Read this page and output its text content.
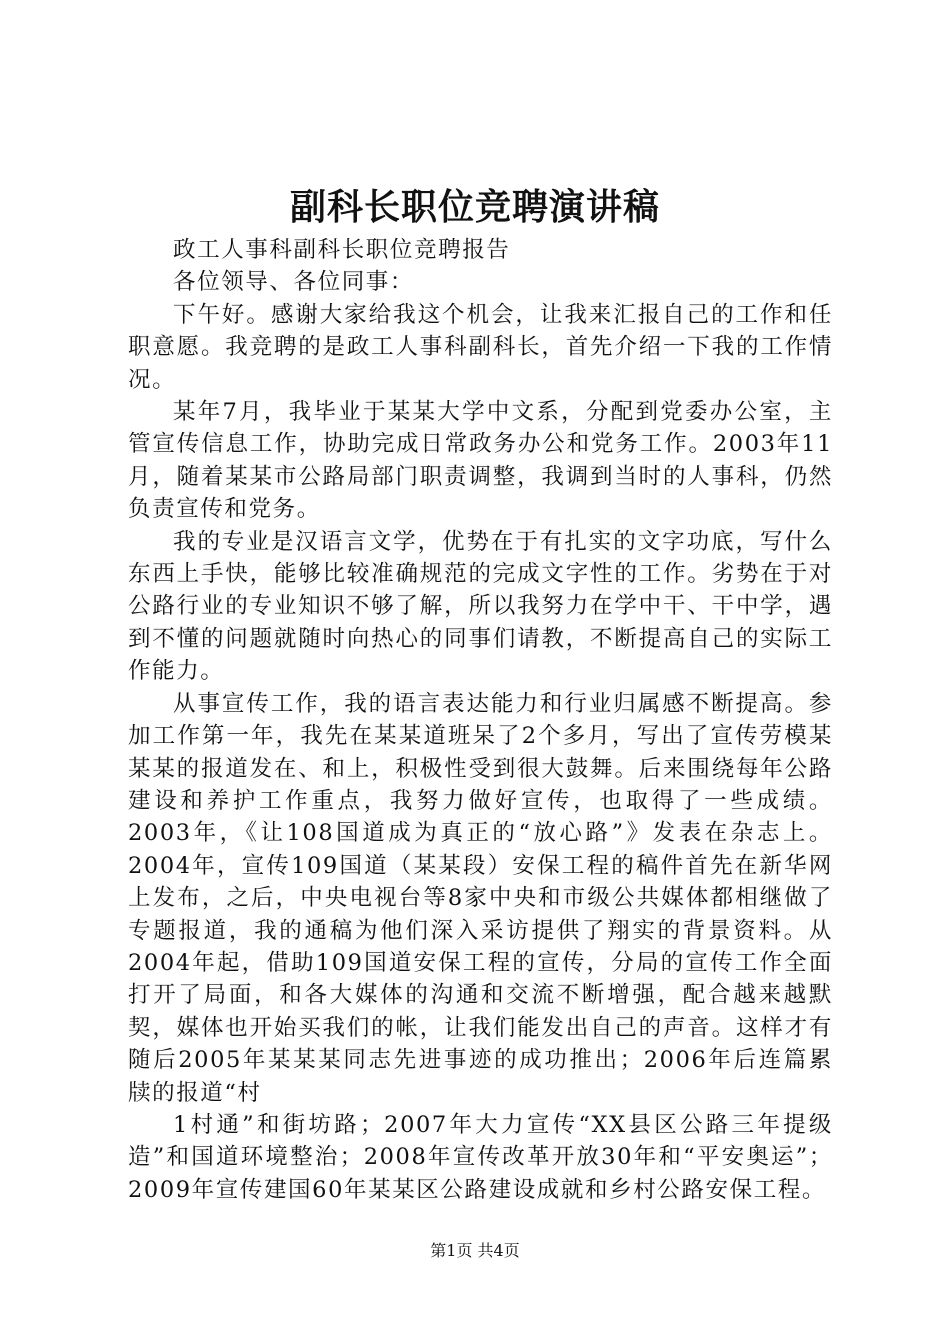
副科长职位竞聘演讲稿

政工人事科副科长职位竞聘报告

各位领导、各位同事：

下午好。感谢大家给我这个机会，让我来汇报自己的工作和任职意愿。我竞聘的是政工人事科副科长，首先介绍一下我的工作情况。

某年7月，我毕业于某某大学中文系，分配到党委办公室，主管宣传信息工作，协助完成日常政务办公和党务工作。2003年11月，随着某某市公路局部门职责调整，我调到当时的人事科，仍然负责宣传和党务。

我的专业是汉语言文学，优势在于有扎实的文字功底，写什么东西上手快，能够比较准确规范的完成文字性的工作。劣势在于对公路行业的专业知识不够了解，所以我努力在学中干、干中学，遇到不懂的问题就随时向热心的同事们请教，不断提高自己的实际工作能力。

从事宣传工作，我的语言表达能力和行业归属感不断提高。参加工作第一年，我先在某某道班呆了2个多月，写出了宣传劳模某某某的报道发在、和上，积极性受到很大鼓舞。后来围绕每年公路建设和养护工作重点，我努力做好宣传，也取得了一些成绩。2003年，《让108国道成为真正的“放心路”》发表在杂志上。2004年，宣传109国道（某某段）安保工程的稿件首先在新华网上发布，之后，中央电视台等8家中央和市级公共媒体都相继做了专题报道，我的通稿为他们深入采访提供了翔实的背景资料。从2004年起，借助109国道安保工程的宣传，分局的宣传工作全面打开了局面，和各大媒体的沟通和交流不断增强，配合越来越默契，媒体也开始买我们的帐，让我们能发出自己的声音。这样才有随后2005年某某某同志先进事迹的成功推出；2006年后连篇累牍的报道“村

1村通”和街坊路；2007年大力宣传“XX县区公路三年提级造”和国道环境整治；2008年宣传改革开放30年和“平安奥运”；2009年宣传建国60年某某区公路建设成就和乡村公路安保工程。

第1页 共4页
